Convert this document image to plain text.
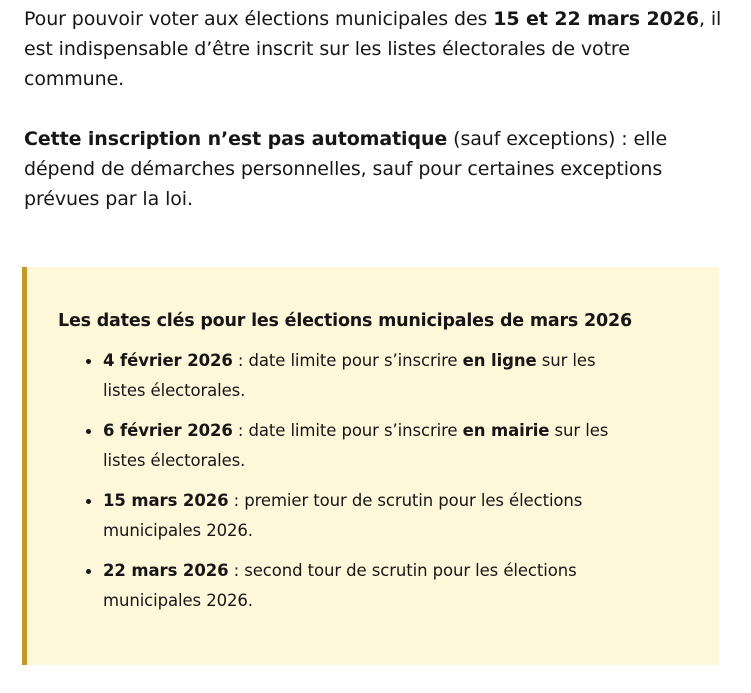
Pour pouvoir voter aux élections municipales des 15 et 22 mars 2026, il est indispensable d’être inscrit sur les listes électorales de votre commune.

Cette inscription n’est pas automatique (sauf exceptions) : elle dépend de démarches personnelles, sauf pour certaines exceptions prévues par la loi.

Les dates clés pour les élections municipales de mars 2026
4 février 2026 : date limite pour s’inscrire en ligne sur les listes électorales.
6 février 2026 : date limite pour s’inscrire en mairie sur les listes électorales.
15 mars 2026 : premier tour de scrutin pour les élections municipales 2026.
22 mars 2026 : second tour de scrutin pour les élections municipales 2026.
